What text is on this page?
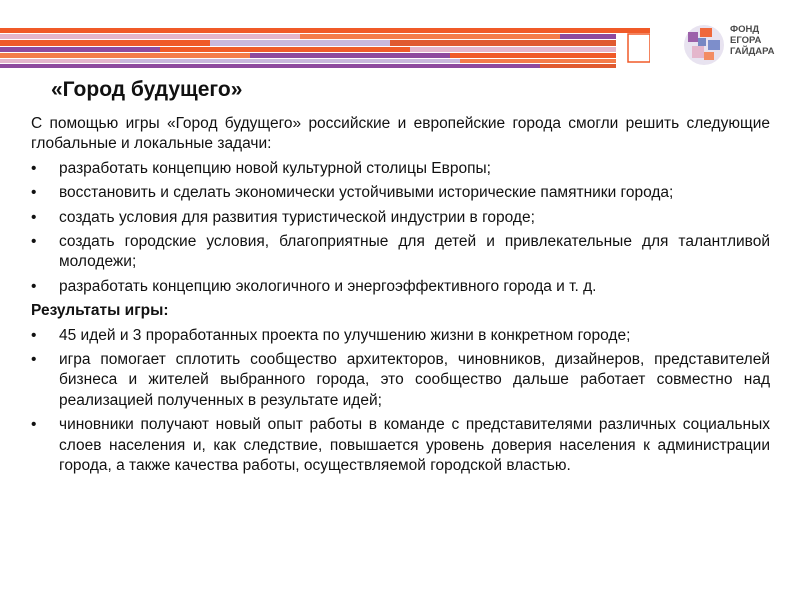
ФОНД
ЕГОРА
ГАЙДАРА
«Город будущего»

С помощью игры «Город будущего» российские и европейские города смогли решить следующие глобальные и локальные задачи:

• разработать концепцию новой культурной столицы Европы;
• восстановить и сделать экономически устойчивыми исторические памятники города;
• создать условия для развития туристической индустрии в городе;
• создать городские условия, благоприятные для детей и привлекательные для талантливой молодежи;
• разработать концепцию экологичного и энергоэффективного города и т. д.

Результаты игры:

• 45 идей и 3 проработанных проекта по улучшению жизни в конкретном городе;
• игра помогает сплотить сообщество архитекторов, чиновников, дизайнеров, представителей бизнеса и жителей выбранного города, это сообщество дальше работает совместно над реализацией полученных в результате идей;
• чиновники получают новый опыт работы в команде с представителями различных социальных слоев населения и, как следствие, повышается уровень доверия населения к администрации города, а также качества работы, осуществляемой городской властью.
